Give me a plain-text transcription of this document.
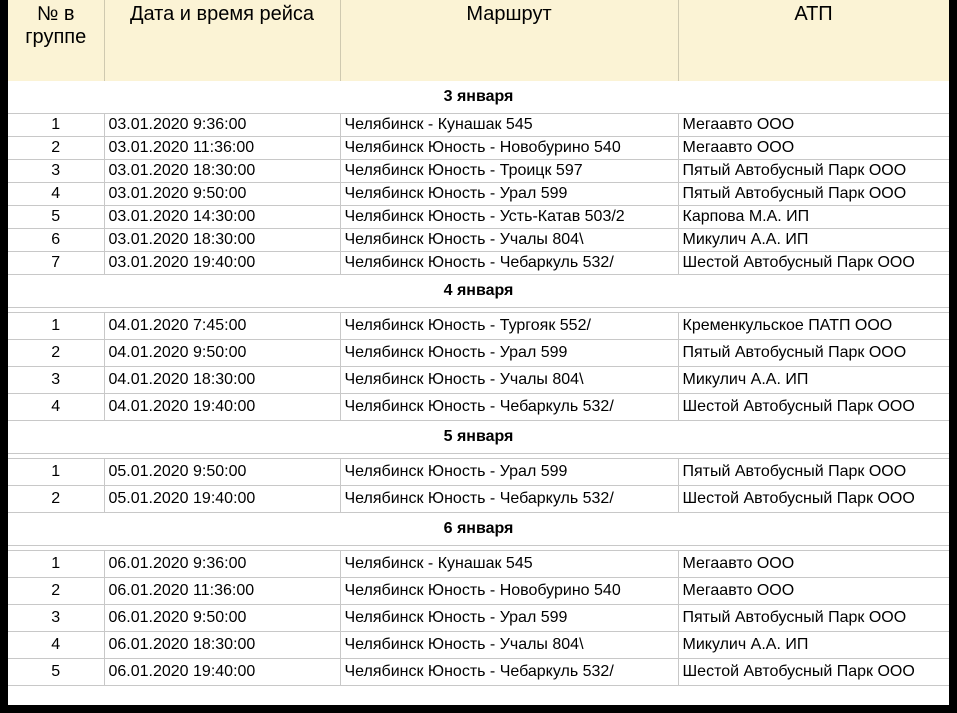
№ в группе	Дата и время рейса	Маршрут	АТП
3 января			
1	03.01.2020 9:36:00	Челябинск - Кунашак 545	Мегаавто ООО
2	03.01.2020 11:36:00	Челябинск Юность - Новобурино 540	Мегаавто ООО
3	03.01.2020 18:30:00	Челябинск Юность - Троицк 597	Пятый Автобусный Парк ООО
4	03.01.2020 9:50:00	Челябинск Юность - Урал 599	Пятый Автобусный Парк ООО
5	03.01.2020 14:30:00	Челябинск Юность - Усть-Катав 503/2	Карпова М.А. ИП
6	03.01.2020 18:30:00	Челябинск Юность - Учалы 804\	Микулич А.А. ИП
7	03.01.2020 19:40:00	Челябинск Юность - Чебаркуль 532/	Шестой Автобусный Парк ООО
4 января			

1	04.01.2020 7:45:00	Челябинск Юность - Тургояк 552/	Кременкульское ПАТП ООО
2	04.01.2020 9:50:00	Челябинск Юность - Урал 599	Пятый Автобусный Парк ООО
3	04.01.2020 18:30:00	Челябинск Юность - Учалы 804\	Микулич А.А. ИП
4	04.01.2020 19:40:00	Челябинск Юность - Чебаркуль 532/	Шестой Автобусный Парк ООО
5 января			

1	05.01.2020 9:50:00	Челябинск Юность - Урал 599	Пятый Автобусный Парк ООО
2	05.01.2020 19:40:00	Челябинск Юность - Чебаркуль 532/	Шестой Автобусный Парк ООО
6 января			

1	06.01.2020 9:36:00	Челябинск - Кунашак 545	Мегаавто ООО
2	06.01.2020 11:36:00	Челябинск Юность - Новобурино 540	Мегаавто ООО
3	06.01.2020 9:50:00	Челябинск Юность - Урал 599	Пятый Автобусный Парк ООО
4	06.01.2020 18:30:00	Челябинск Юность - Учалы 804\	Микулич А.А. ИП
5	06.01.2020 19:40:00	Челябинск Юность - Чебаркуль 532/	Шестой Автобусный Парк ООО
